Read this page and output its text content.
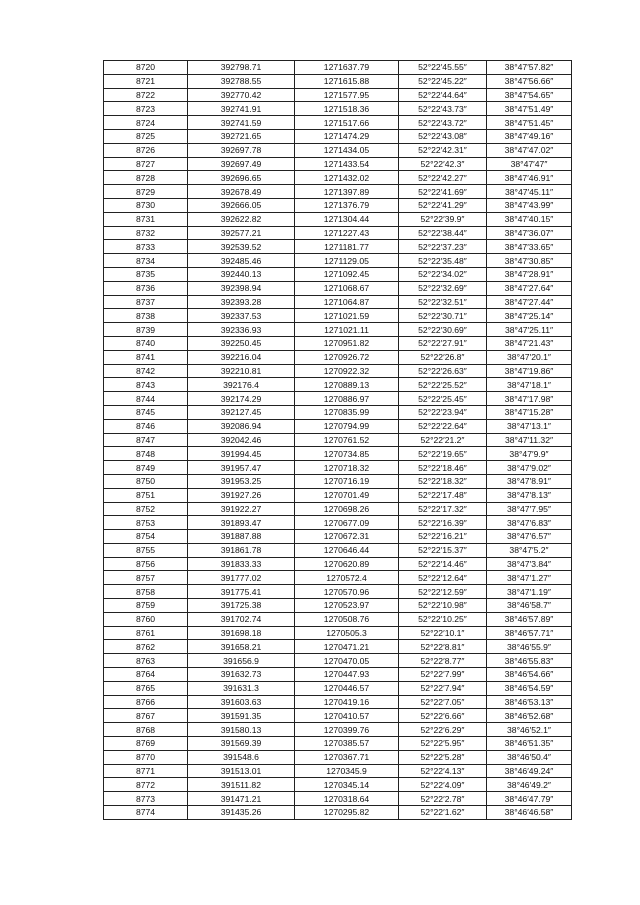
8720	392798.71	1271637.79	52°22′45.55″	38°47′57.82″
8721	392788.55	1271615.88	52°22′45.22″	38°47′56.66″
8722	392770.42	1271577.95	52°22′44.64″	38°47′54.65″
8723	392741.91	1271518.36	52°22′43.73″	38°47′51.49″
8724	392741.59	1271517.66	52°22′43.72″	38°47′51.45″
8725	392721.65	1271474.29	52°22′43.08″	38°47′49.16″
8726	392697.78	1271434.05	52°22′42.31″	38°47′47.02″
8727	392697.49	1271433.54	52°22′42.3″	38°47′47″
8728	392696.65	1271432.02	52°22′42.27″	38°47′46.91″
8729	392678.49	1271397.89	52°22′41.69″	38°47′45.11″
8730	392666.05	1271376.79	52°22′41.29″	38°47′43.99″
8731	392622.82	1271304.44	52°22′39.9″	38°47′40.15″
8732	392577.21	1271227.43	52°22′38.44″	38°47′36.07″
8733	392539.52	1271181.77	52°22′37.23″	38°47′33.65″
8734	392485.46	1271129.05	52°22′35.48″	38°47′30.85″
8735	392440.13	1271092.45	52°22′34.02″	38°47′28.91″
8736	392398.94	1271068.67	52°22′32.69″	38°47′27.64″
8737	392393.28	1271064.87	52°22′32.51″	38°47′27.44″
8738	392337.53	1271021.59	52°22′30.71″	38°47′25.14″
8739	392336.93	1271021.11	52°22′30.69″	38°47′25.11″
8740	392250.45	1270951.82	52°22′27.91″	38°47′21.43″
8741	392216.04	1270926.72	52°22′26.8″	38°47′20.1″
8742	392210.81	1270922.32	52°22′26.63″	38°47′19.86″
8743	392176.4	1270889.13	52°22′25.52″	38°47′18.1″
8744	392174.29	1270886.97	52°22′25.45″	38°47′17.98″
8745	392127.45	1270835.99	52°22′23.94″	38°47′15.28″
8746	392086.94	1270794.99	52°22′22.64″	38°47′13.1″
8747	392042.46	1270761.52	52°22′21.2″	38°47′11.32″
8748	391994.45	1270734.85	52°22′19.65″	38°47′9.9″
8749	391957.47	1270718.32	52°22′18.46″	38°47′9.02″
8750	391953.25	1270716.19	52°22′18.32″	38°47′8.91″
8751	391927.26	1270701.49	52°22′17.48″	38°47′8.13″
8752	391922.27	1270698.26	52°22′17.32″	38°47′7.95″
8753	391893.47	1270677.09	52°22′16.39″	38°47′6.83″
8754	391887.88	1270672.31	52°22′16.21″	38°47′6.57″
8755	391861.78	1270646.44	52°22′15.37″	38°47′5.2″
8756	391833.33	1270620.89	52°22′14.46″	38°47′3.84″
8757	391777.02	1270572.4	52°22′12.64″	38°47′1.27″
8758	391775.41	1270570.96	52°22′12.59″	38°47′1.19″
8759	391725.38	1270523.97	52°22′10.98″	38°46′58.7″
8760	391702.74	1270508.76	52°22′10.25″	38°46′57.89″
8761	391698.18	1270505.3	52°22′10.1″	38°46′57.71″
8762	391658.21	1270471.21	52°22′8.81″	38°46′55.9″
8763	391656.9	1270470.05	52°22′8.77″	38°46′55.83″
8764	391632.73	1270447.93	52°22′7.99″	38°46′54.66″
8765	391631.3	1270446.57	52°22′7.94″	38°46′54.59″
8766	391603.63	1270419.16	52°22′7.05″	38°46′53.13″
8767	391591.35	1270410.57	52°22′6.66″	38°46′52.68″
8768	391580.13	1270399.76	52°22′6.29″	38°46′52.1″
8769	391569.39	1270385.57	52°22′5.95″	38°46′51.35″
8770	391548.6	1270367.71	52°22′5.28″	38°46′50.4″
8771	391513.01	1270345.9	52°22′4.13″	38°46′49.24″
8772	391511.82	1270345.14	52°22′4.09″	38°46′49.2″
8773	391471.21	1270318.64	52°22′2.78″	38°46′47.79″
8774	391435.26	1270295.82	52°22′1.62″	38°46′46.58″
